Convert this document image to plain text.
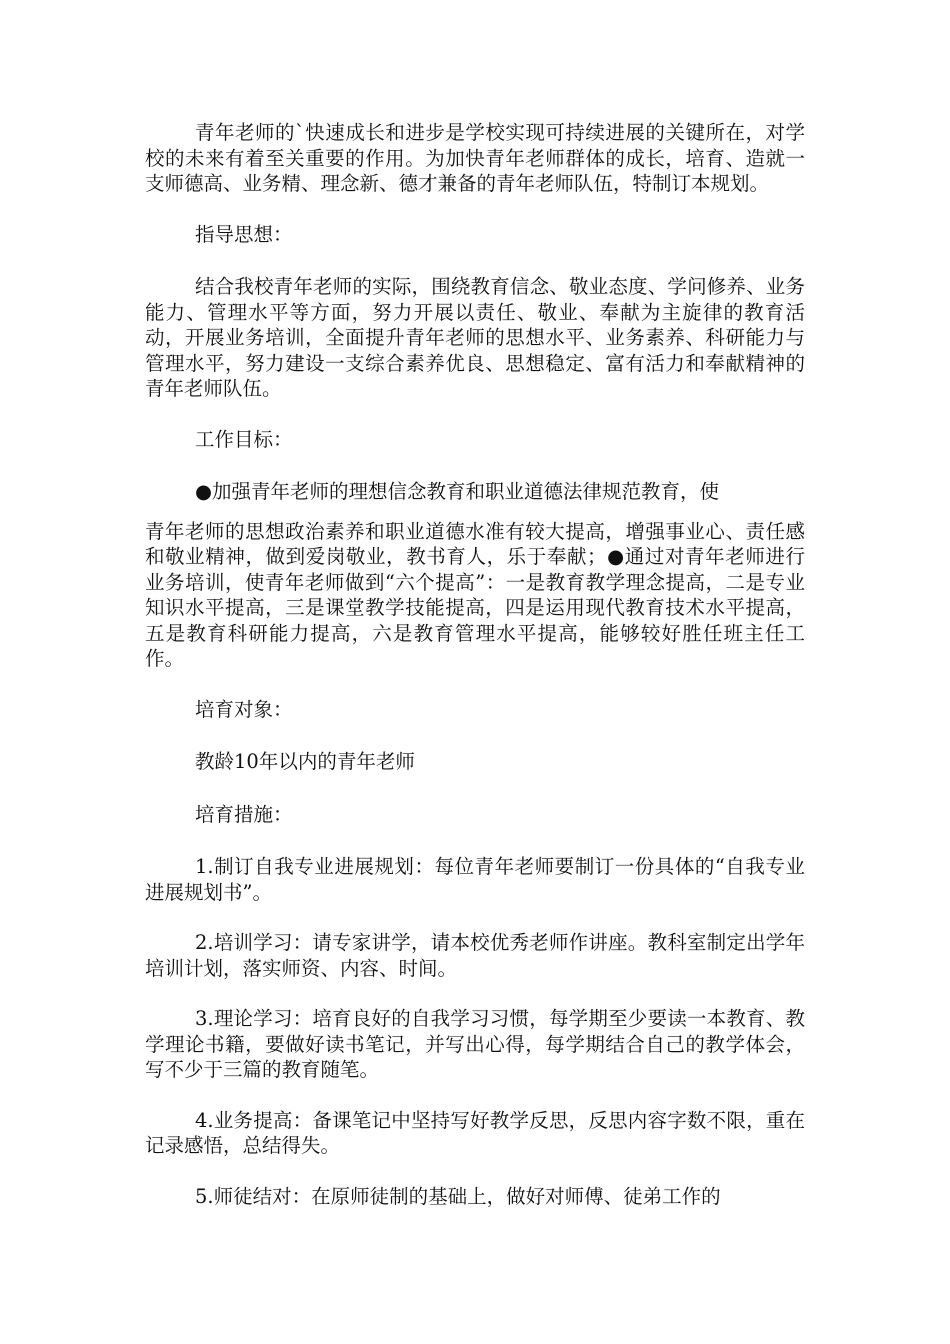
青年老师的`快速成长和进步是学校实现可持续进展的关键所在，对学校的未来有着至关重要的作用。为加快青年老师群体的成长，培育、造就一支师德高、业务精、理念新、德才兼备的青年老师队伍，特制订本规划。

指导思想：

结合我校青年老师的实际，围绕教育信念、敬业态度、学问修养、业务能力、管理水平等方面，努力开展以责任、敬业、奉献为主旋律的教育活动，开展业务培训，全面提升青年老师的思想水平、业务素养、科研能力与管理水平，努力建设一支综合素养优良、思想稳定、富有活力和奉献精神的青年老师队伍。

工作目标：

●加强青年老师的理想信念教育和职业道德法律规范教育，使

青年老师的思想政治素养和职业道德水准有较大提高，增强事业心、责任感和敬业精神，做到爱岗敬业，教书育人，乐于奉献；●通过对青年老师进行业务培训，使青年老师做到“六个提高”：一是教育教学理念提高，二是专业知识水平提高，三是课堂教学技能提高，四是运用现代教育技术水平提高，五是教育科研能力提高，六是教育管理水平提高，能够较好胜任班主任工作。

培育对象：

教龄10年以内的青年老师

培育措施：

1.制订自我专业进展规划：每位青年老师要制订一份具体的“自我专业进展规划书”。

2.培训学习：请专家讲学，请本校优秀老师作讲座。教科室制定出学年培训计划，落实师资、内容、时间。

3.理论学习：培育良好的自我学习习惯，每学期至少要读一本教育、教学理论书籍，要做好读书笔记，并写出心得，每学期结合自己的教学体会，写不少于三篇的教育随笔。

4.业务提高：备课笔记中坚持写好教学反思，反思内容字数不限，重在记录感悟，总结得失。

5.师徒结对：在原师徒制的基础上，做好对师傅、徒弟工作的
